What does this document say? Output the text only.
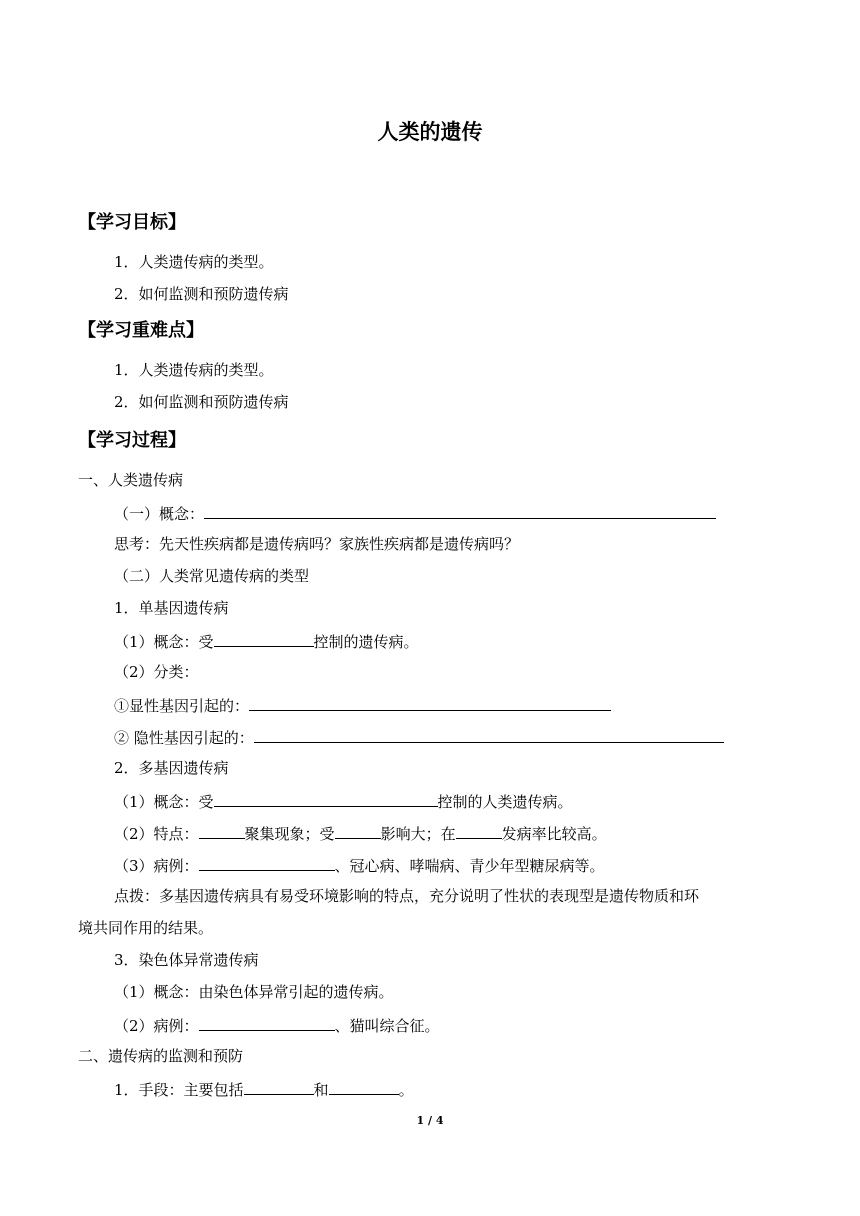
人类的遗传
【学习目标】
1．人类遗传病的类型。
2．如何监测和预防遗传病
【学习重难点】
1．人类遗传病的类型。
2．如何监测和预防遗传病
【学习过程】
一、人类遗传病
（一）概念：
思考：先天性疾病都是遗传病吗？家族性疾病都是遗传病吗？
（二）人类常见遗传病的类型
1．单基因遗传病
（1）概念：受	控制的遗传病。
（2）分类：
①显性基因引起的：
② 隐性基因引起的：
2．多基因遗传病
（1）概念：受	控制的人类遗传病。
（2）特点：	聚集现象；受	影响大；在	发病率比较高。
（3）病例：	、冠心病、哮喘病、青少年型糖尿病等。
点拨：多基因遗传病具有易受环境影响的特点，充分说明了性状的表现型是遗传物质和环
境共同作用的结果。
3．染色体异常遗传病
（1）概念：由染色体异常引起的遗传病。
（2）病例：	、猫叫综合征。
二、遗传病的监测和预防
1．手段：主要包括	和	。
1 / 4
